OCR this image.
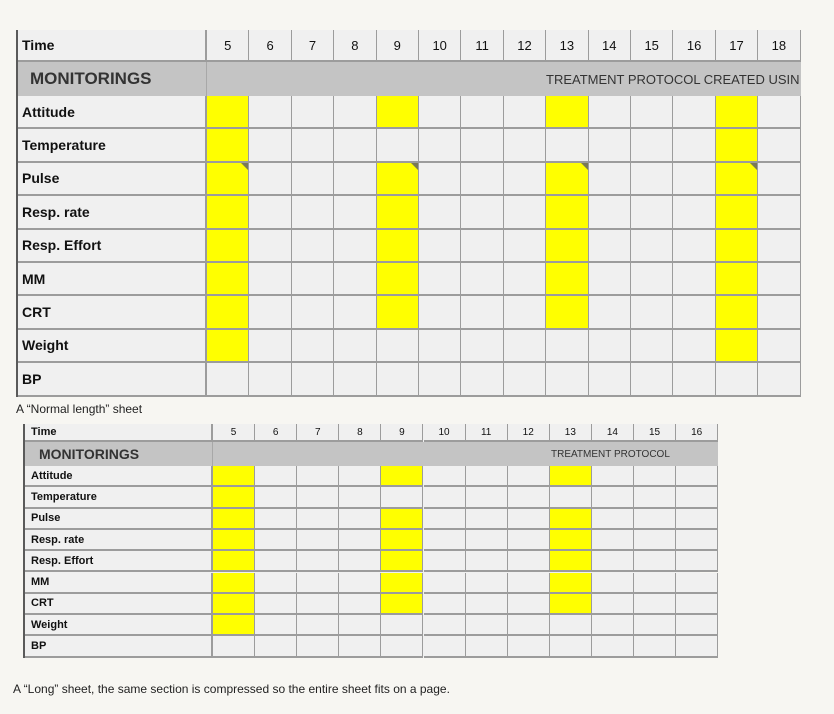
Time	5	6	7	8	9	10	11	12	13	14	15	16	17	18
MONITORINGS	TREATMENT PROTOCOL CREATED USIN
Attitude
Temperature
Pulse
Resp. rate
Resp. Effort
MM
CRT
Weight
BP
A “Normal length” sheet
Time	5	6	7	8	9	10	11	12	13	14	15	16
MONITORINGS	TREATMENT PROTOCOL
Attitude
Temperature
Pulse
Resp. rate
Resp. Effort
MM
CRT
Weight
BP
A “Long” sheet, the same section is compressed so the entire sheet fits on a page.
